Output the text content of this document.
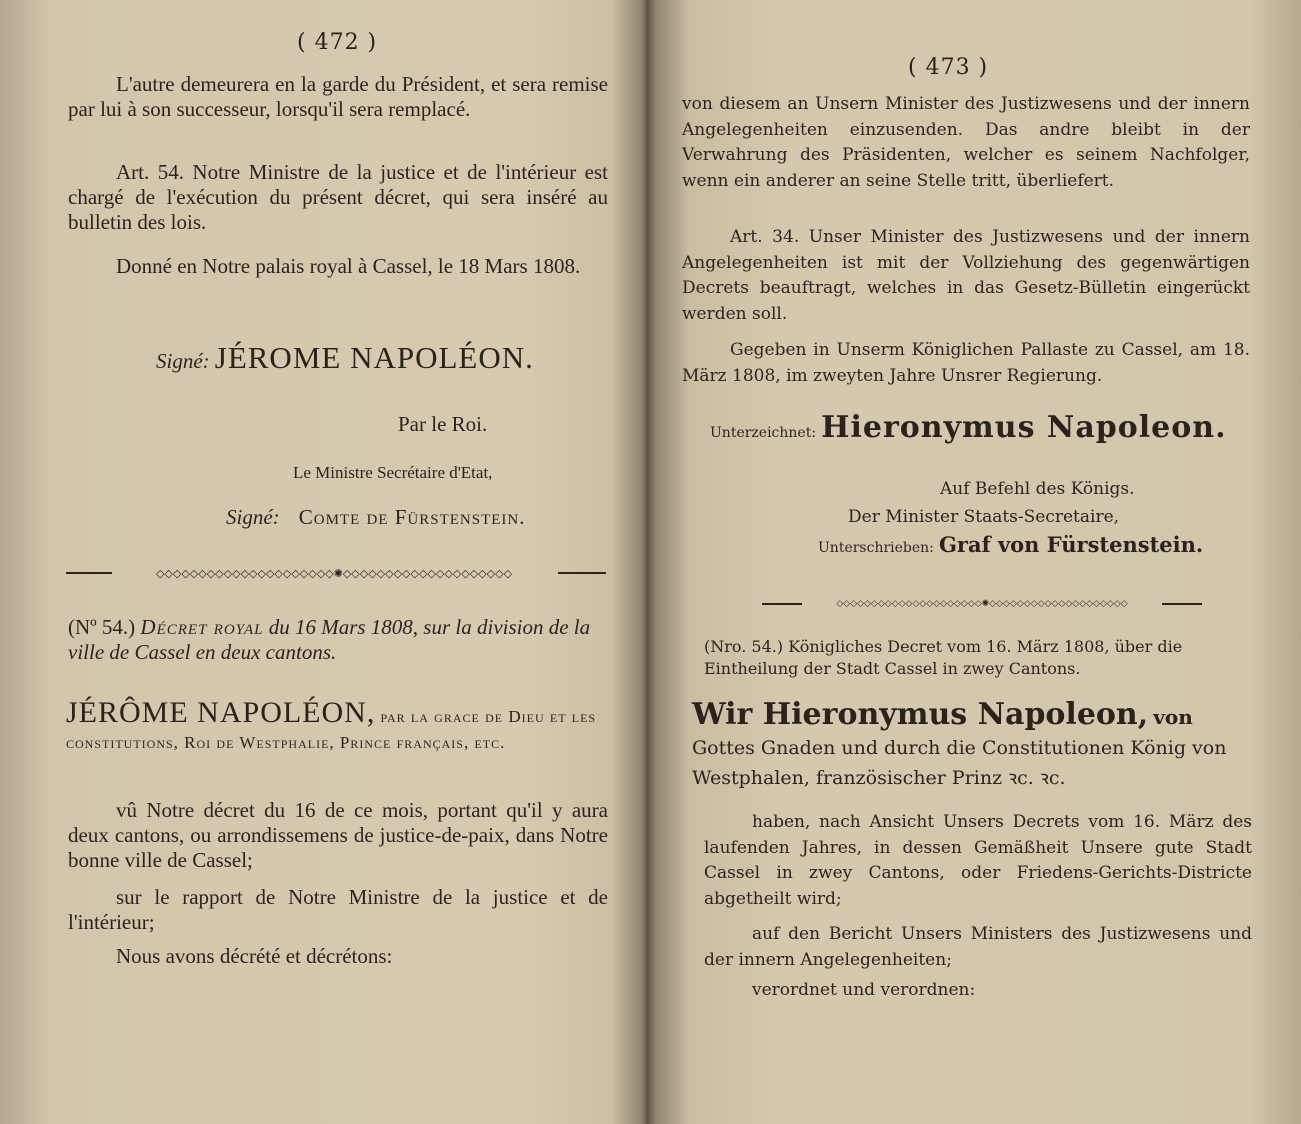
( 472 )

L'autre demeurera en la garde du Président, et sera remise par lui à son successeur, lorsqu'il sera remplacé.

Art. 54. Notre Ministre de la justice et de l'intérieur est chargé de l'exécution du présent décret, qui sera inséré au bulletin des lois.

Donné en Notre palais royal à Cassel, le 18 Mars 1808.

Signé: JÉROME NAPOLÉON.
Par le Roi.
Le Ministre Secrétaire d'Etat,
Signé: Comte de Fürstenstein.
◇◇◇◇◇◇◇◇◇◇◇◇◇◇◇◇◇◇◇◇◇✺◇◇◇◇◇◇◇◇◇◇◇◇◇◇◇◇◇◇◇◇

(Nº 54.) Décret royal du 16 Mars 1808, sur la division de la ville de Cassel en deux cantons.

JÉRÔME NAPOLÉON, par la grace de Dieu et les constitutions, Roi de Westphalie, Prince français, etc.

vû Notre décret du 16 de ce mois, portant qu'il y aura deux cantons, ou arrondissemens de justice-de-paix, dans Notre bonne ville de Cassel;

sur le rapport de Notre Ministre de la justice et de l'intérieur;

Nous avons décrété et décrétons:

( 473 )

von diesem an Unsern Minister des Justizwesens und der innern Angelegenheiten einzusenden. Das andre bleibt in der Verwahrung des Präsidenten, welcher es seinem Nachfolger, wenn ein anderer an seine Stelle tritt, überliefert.

Art. 34. Unser Minister des Justizwesens und der innern Angelegenheiten ist mit der Vollziehung des gegenwärtigen Decrets beauftragt, welches in das Gesetz-Bülletin eingerückt werden soll.

Gegeben in Unserm Königlichen Pallaste zu Cassel, am 18. März 1808, im zweyten Jahre Unsrer Regierung.

Unterzeichnet: Hieronymus Napoleon.
Auf Befehl des Königs.
Der Minister Staats-Secretaire,
Unterschrieben: Graf von Fürstenstein.
◇◇◇◇◇◇◇◇◇◇◇◇◇◇◇◇◇◇◇◇◇✺◇◇◇◇◇◇◇◇◇◇◇◇◇◇◇◇◇◇◇◇

(Nro. 54.) Königliches Decret vom 16. März 1808, über die Eintheilung der Stadt Cassel in zwey Cantons.

Wir Hieronymus Napoleon, von Gottes Gnaden und durch die Constitutionen König von Westphalen, französischer Prinz ꝛc. ꝛc.

haben, nach Ansicht Unsers Decrets vom 16. März des laufenden Jahres, in dessen Gemäßheit Unsere gute Stadt Cassel in zwey Cantons, oder Friedens-Gerichts-Districte abgetheilt wird;

auf den Bericht Unsers Ministers des Justizwesens und der innern Angelegenheiten;

verordnet und verordnen:
